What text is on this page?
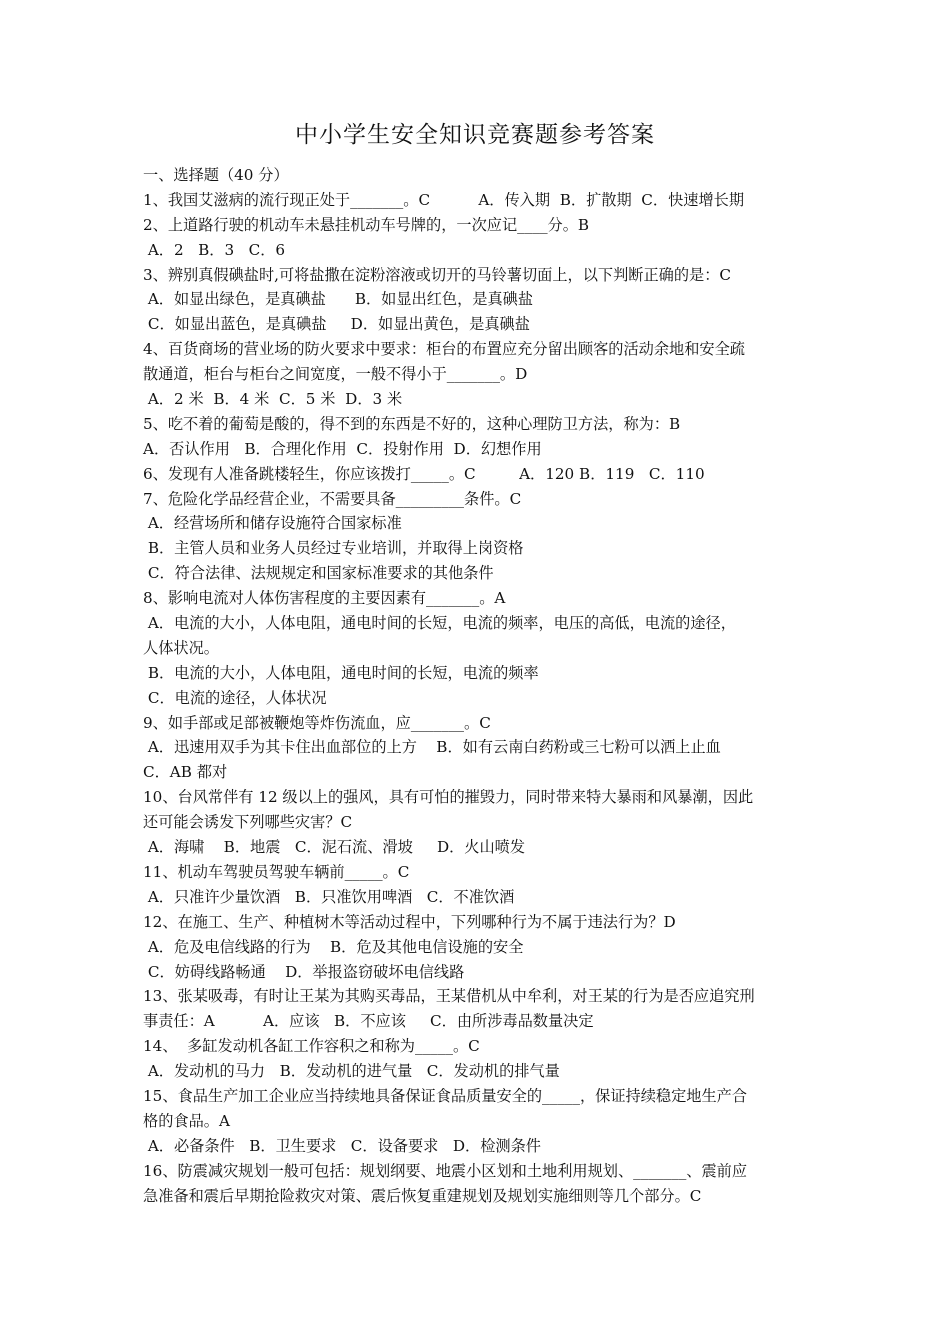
中小学生安全知识竞赛题参考答案
一、选择题（40 分）
1、我国艾滋病的流行现正处于_______。C          A．传入期  B．扩散期  C．快速增长期
2、上道路行驶的机动车未悬挂机动车号牌的，一次应记____分。B
A．2   B．3   C．6
3、辨别真假碘盐时,可将盐撒在淀粉溶液或切开的马铃薯切面上，以下判断正确的是：C
A．如显出绿色，是真碘盐      B．如显出红色，是真碘盐
C．如显出蓝色，是真碘盐     D．如显出黄色，是真碘盐
4、百货商场的营业场的防火要求中要求：柜台的布置应充分留出顾客的活动余地和安全疏
散通道，柜台与柜台之间宽度，一般不得小于_______。D
A．2 米  B．4 米  C．5 米  D．3 米
5、吃不着的葡萄是酸的，得不到的东西是不好的，这种心理防卫方法，称为：B
A．否认作用   B．合理化作用  C．投射作用  D．幻想作用
6、发现有人准备跳楼轻生，你应该拨打_____。C         A．120 B．119   C．110
7、危险化学品经营企业，不需要具备_________条件。C
A．经营场所和储存设施符合国家标准
B．主管人员和业务人员经过专业培训，并取得上岗资格
C．符合法律、法规规定和国家标准要求的其他条件
8、影响电流对人体伤害程度的主要因素有_______。A
A．电流的大小，人体电阻，通电时间的长短，电流的频率，电压的高低，电流的途径，
人体状况。
B．电流的大小，人体电阻，通电时间的长短，电流的频率
C．电流的途径，人体状况
9、如手部或足部被鞭炮等炸伤流血，应_______。C
A．迅速用双手为其卡住出血部位的上方    B．如有云南白药粉或三七粉可以洒上止血
C．AB 都对
10、台风常伴有 12 级以上的强风，具有可怕的摧毁力，同时带来特大暴雨和风暴潮，因此
还可能会诱发下列哪些灾害？C
A．海啸    B．地震   C．泥石流、滑坡     D．火山喷发
11、机动车驾驶员驾驶车辆前_____。C
A．只准许少量饮酒   B．只准饮用啤酒   C．不准饮酒
12、在施工、生产、种植树木等活动过程中，下列哪种行为不属于违法行为？D
A．危及电信线路的行为    B．危及其他电信设施的安全
C．妨碍线路畅通    D．举报盗窃破坏电信线路
13、张某吸毒，有时让王某为其购买毒品，王某借机从中牟利，对王某的行为是否应追究刑
事责任：A          A．应该   B．不应该     C．由所涉毒品数量决定
14、  多缸发动机各缸工作容积之和称为_____。C
A．发动机的马力   B．发动机的进气量   C．发动机的排气量
15、食品生产加工企业应当持续地具备保证食品质量安全的_____，保证持续稳定地生产合
格的食品。A
A．必备条件   B．卫生要求   C．设备要求   D．检测条件
16、防震减灾规划一般可包括：规划纲要、地震小区划和土地利用规划、_______、震前应
急准备和震后早期抢险救灾对策、震后恢复重建规划及规划实施细则等几个部分。C
